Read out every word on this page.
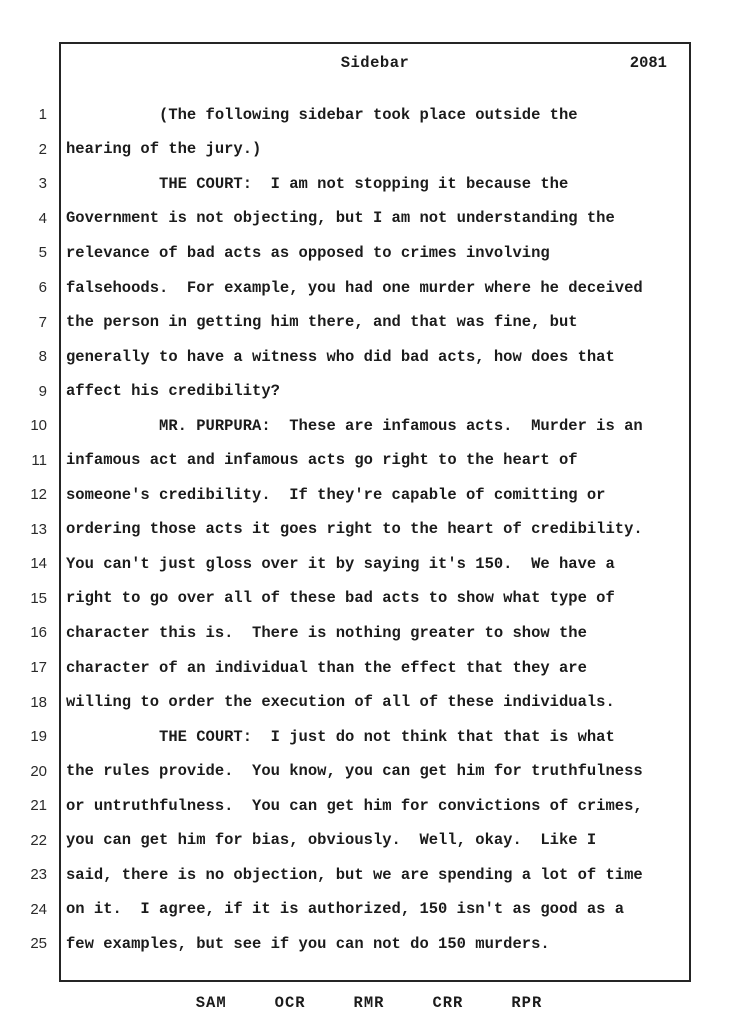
Sidebar	2081
1 (The following sidebar took place outside the
2 hearing of the jury.)
3 THE COURT:  I am not stopping it because the
4 Government is not objecting, but I am not understanding the
5 relevance of bad acts as opposed to crimes involving
6 falsehoods.  For example, you had one murder where he deceived
7 the person in getting him there, and that was fine, but
8 generally to have a witness who did bad acts, how does that
9 affect his credibility?
10 MR. PURPURA:  These are infamous acts.  Murder is an
11 infamous act and infamous acts go right to the heart of
12 someone's credibility.  If they're capable of comitting or
13 ordering those acts it goes right to the heart of credibility.
14 You can't just gloss over it by saying it's 150.  We have a
15 right to go over all of these bad acts to show what type of
16 character this is.  There is nothing greater to show the
17 character of an individual than the effect that they are
18 willing to order the execution of all of these individuals.
19 THE COURT:  I just do not think that that is what
20 the rules provide.  You know, you can get him for truthfulness
21 or untruthfulness.  You can get him for convictions of crimes,
22 you can get him for bias, obviously.  Well, okay.  Like I
23 said, there is no objection, but we are spending a lot of time
24 on it.  I agree, if it is authorized, 150 isn't as good as a
25 few examples, but see if you can not do 150 murders.
SAM	OCR	RMR	CRR	RPR
